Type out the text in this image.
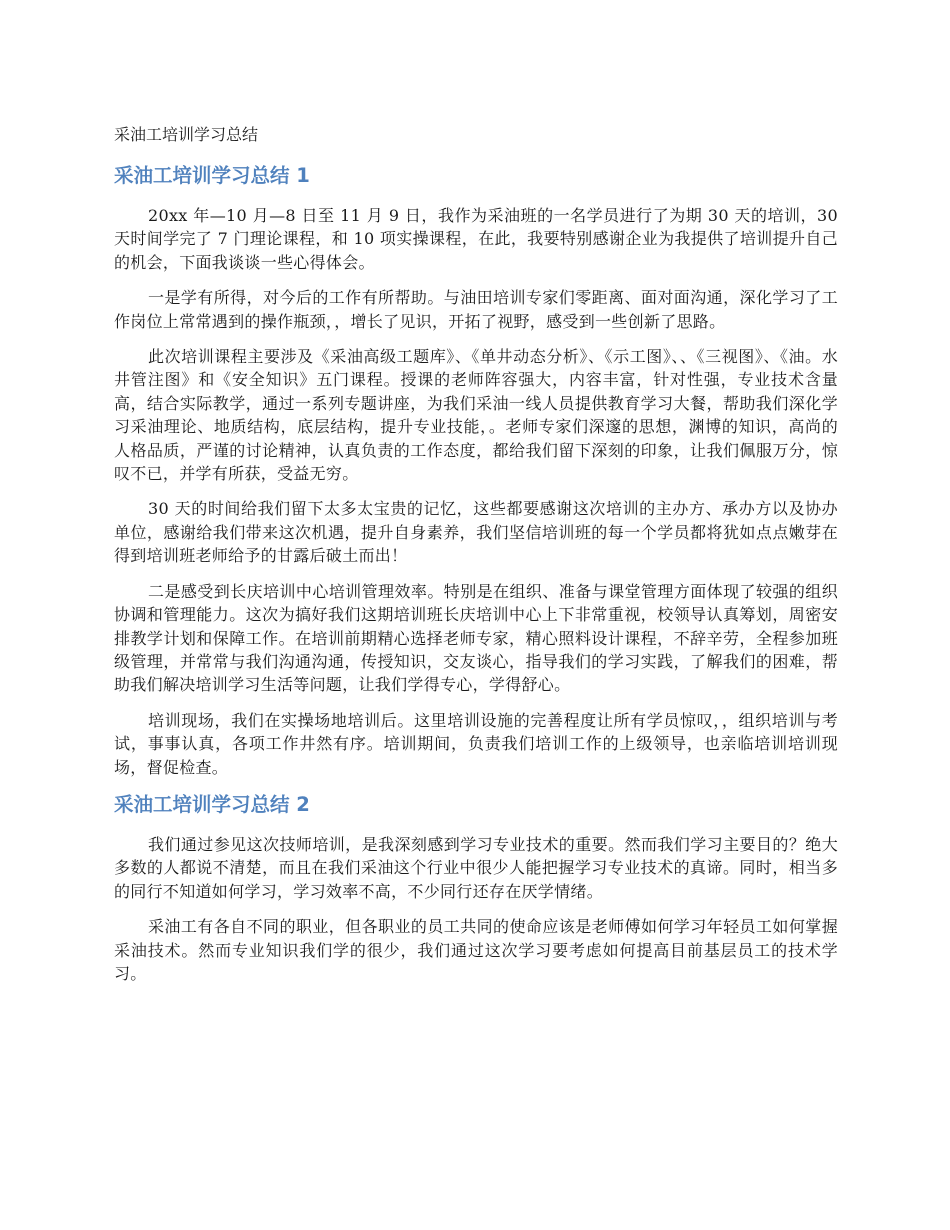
采油工培训学习总结
采油工培训学习总结 1

20xx 年—10 月—8 日至 11 月 9 日，我作为采油班的一名学员进行了为期 30 天的培训，30 天时间学完了 7 门理论课程，和 10 项实操课程，在此，我要特别感谢企业为我提供了培训提升自己的机会，下面我谈谈一些心得体会。

一是学有所得，对今后的工作有所帮助。与油田培训专家们零距离、面对面沟通，深化学习了工作岗位上常常遇到的操作瓶颈，，增长了见识，开拓了视野，感受到一些创新了思路。

此次培训课程主要涉及《采油高级工题库》、《单井动态分析》、《示工图》、、《三视图》、《油。水井管注图》和《安全知识》五门课程。授课的老师阵容强大，内容丰富，针对性强，专业技术含量高，结合实际教学，通过一系列专题讲座，为我们采油一线人员提供教育学习大餐，帮助我们深化学习采油理论、地质结构，底层结构，提升专业技能，。老师专家们深邃的思想，渊博的知识，高尚的人格品质，严谨的讨论精神，认真负责的工作态度，都给我们留下深刻的印象，让我们佩服万分，惊叹不已，并学有所获，受益无穷。

30 天的时间给我们留下太多太宝贵的记忆，这些都要感谢这次培训的主办方、承办方以及协办单位，感谢给我们带来这次机遇，提升自身素养，我们坚信培训班的每一个学员都将犹如点点嫩芽在得到培训班老师给予的甘露后破土而出！

二是感受到长庆培训中心培训管理效率。特别是在组织、准备与课堂管理方面体现了较强的组织协调和管理能力。这次为搞好我们这期培训班长庆培训中心上下非常重视，校领导认真筹划，周密安排教学计划和保障工作。在培训前期精心选择老师专家，精心照料设计课程，不辞辛劳，全程参加班级管理，并常常与我们沟通沟通，传授知识，交友谈心，指导我们的学习实践，了解我们的困难，帮助我们解决培训学习生活等问题，让我们学得专心，学得舒心。

培训现场，我们在实操场地培训后。这里培训设施的完善程度让所有学员惊叹，，组织培训与考试，事事认真，各项工作井然有序。培训期间，负责我们培训工作的上级领导，也亲临培训培训现场，督促检查。

采油工培训学习总结 2

我们通过参见这次技师培训，是我深刻感到学习专业技术的重要。然而我们学习主要目的？绝大多数的人都说不清楚，而且在我们采油这个行业中很少人能把握学习专业技术的真谛。同时，相当多的同行不知道如何学习，学习效率不高，不少同行还存在厌学情绪。

采油工有各自不同的职业，但各职业的员工共同的使命应该是老师傅如何学习年轻员工如何掌握采油技术。然而专业知识我们学的很少，我们通过这次学习要考虑如何提高目前基层员工的技术学习。
